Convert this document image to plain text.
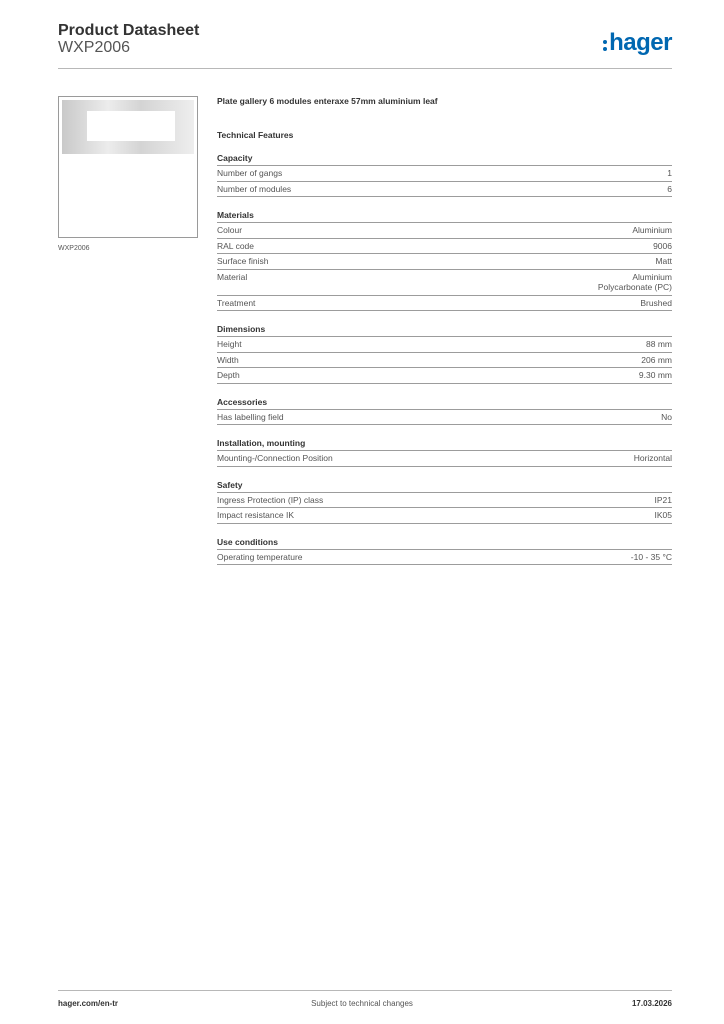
Product Datasheet
WXP2006	hager
WXP2006
Plate gallery 6 modules enteraxe 57mm aluminium leaf
Technical Features
Capacity
Number of gangs	1
Number of modules	6
Materials
Colour	Aluminium
RAL code	9006
Surface finish	Matt
Material	Aluminium
Polycarbonate (PC)
Treatment	Brushed
Dimensions
Height	88 mm
Width	206 mm
Depth	9.30 mm
Accessories
Has labelling field	No
Installation, mounting
Mounting-/Connection Position	Horizontal
Safety
Ingress Protection (IP) class	IP21
Impact resistance IK	IK05
Use conditions
Operating temperature	-10 - 35 °C
hager.com/en-tr	Subject to technical changes	17.03.2026
